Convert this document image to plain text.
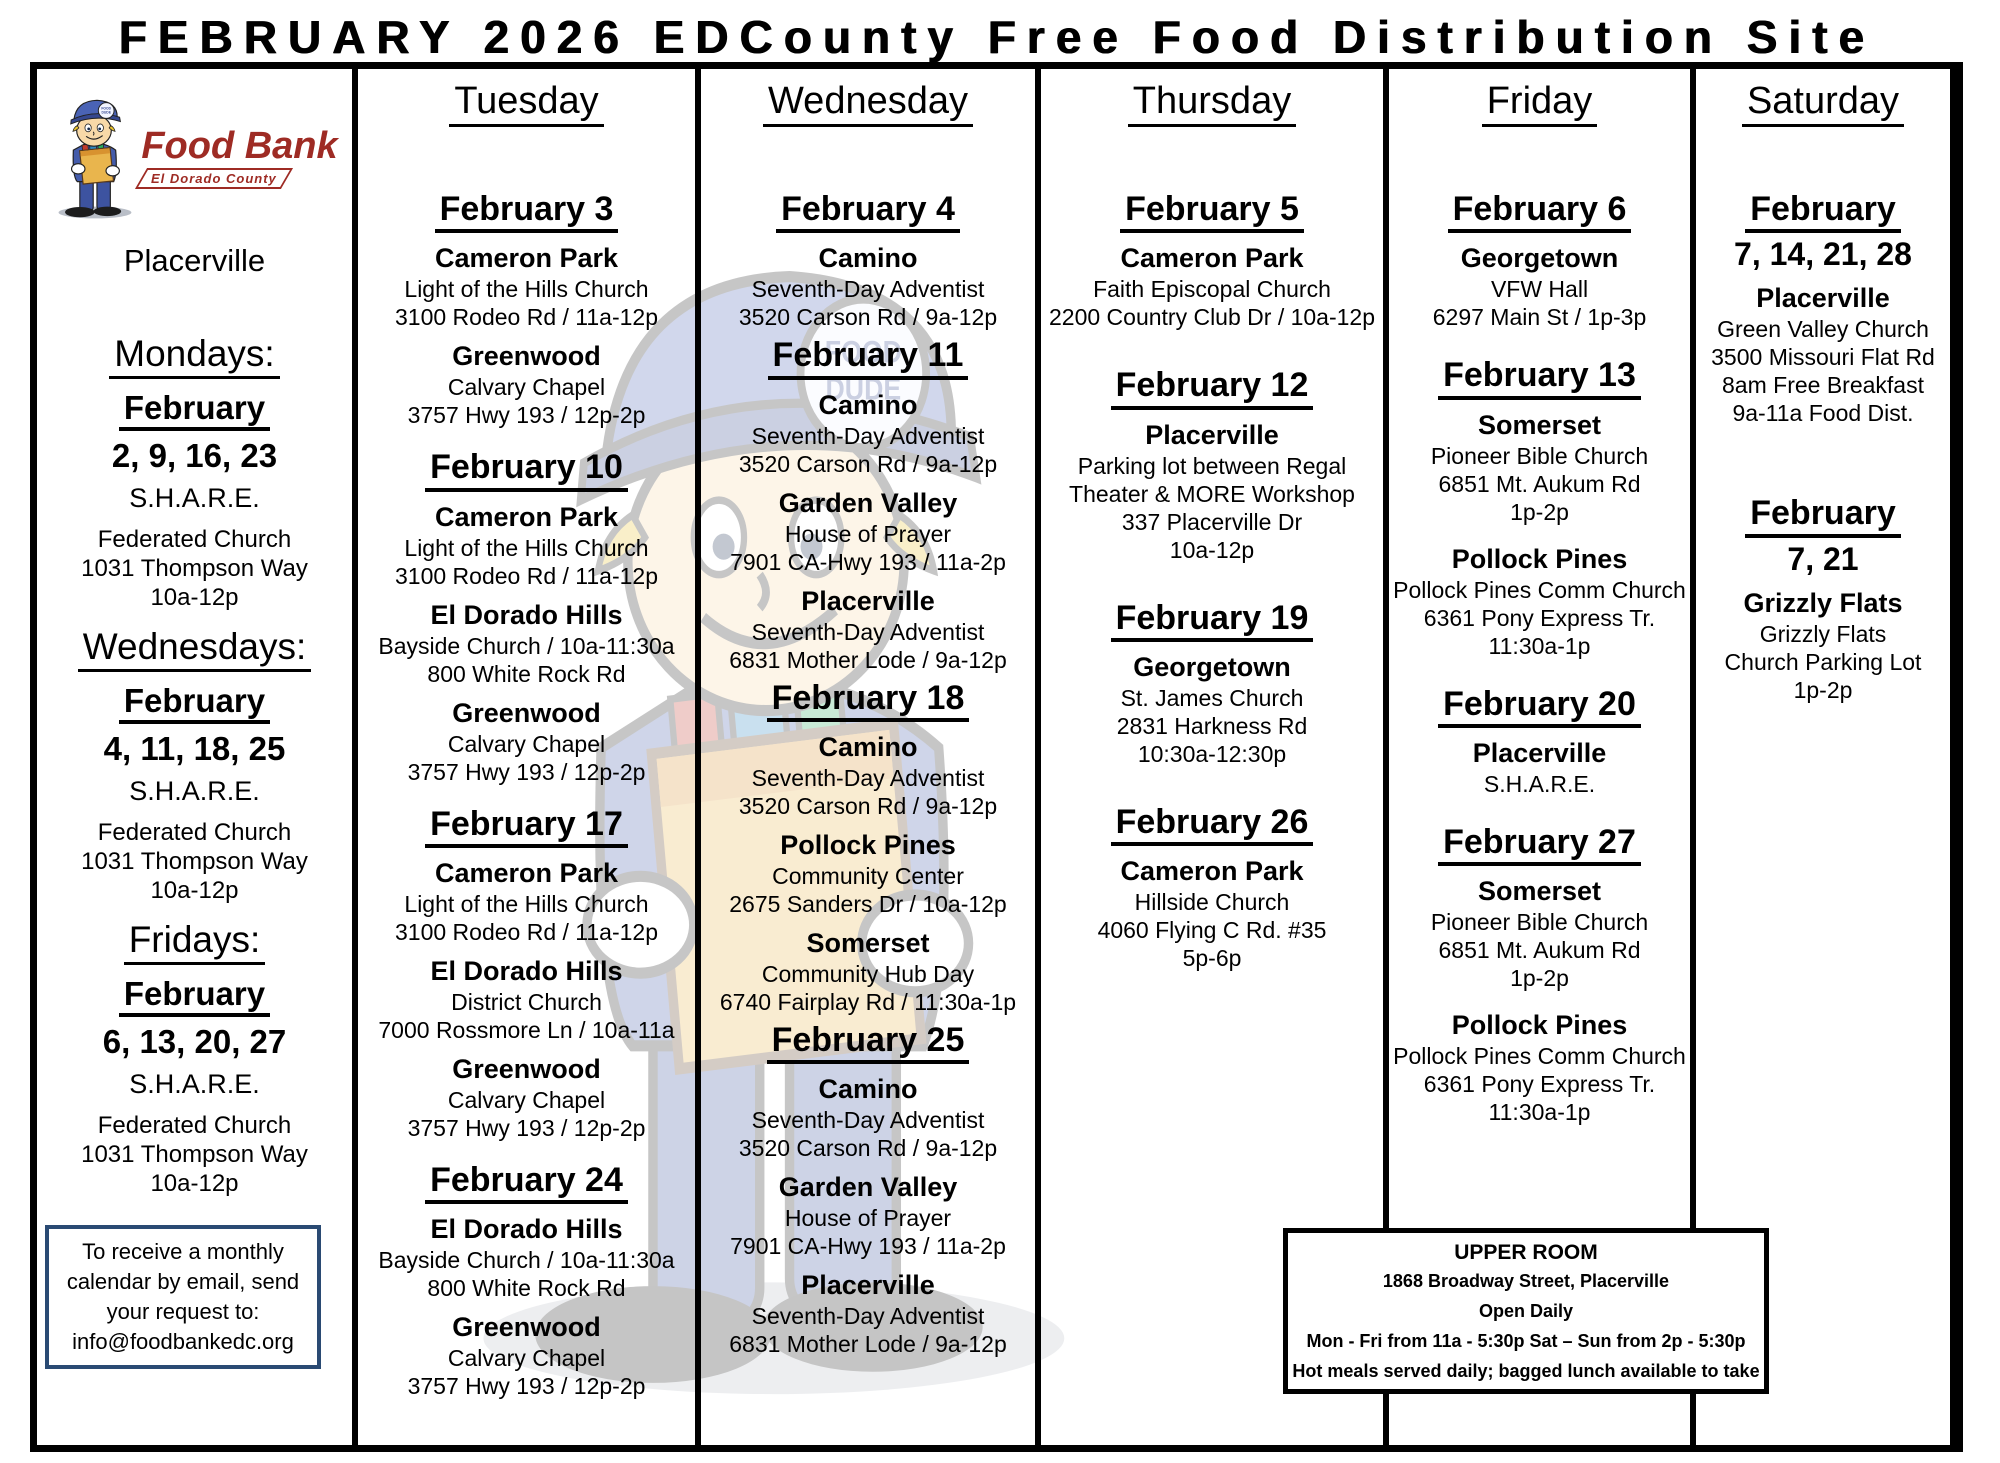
FEBRUARY 2026 EDCounty Free Food Distribution Site
Food Bank
El Dorado County
Placerville
Mondays:
February
2, 9, 16, 23
S.H.A.R.E.
Federated Church
1031 Thompson Way
10a-12p
Wednesdays:
February
4, 11, 18, 25
S.H.A.R.E.
Federated Church
1031 Thompson Way
10a-12p
Fridays:
February
6, 13, 20, 27
S.H.A.R.E.
Federated Church
1031 Thompson Way
10a-12p
To receive a monthly
calendar by email, send
your request to:
info@foodbankedc.org
Tuesday
February 3
Cameron Park
Light of the Hills Church
3100 Rodeo Rd / 11a-12p
Greenwood
Calvary Chapel
3757 Hwy 193 / 12p-2p
February 10
Cameron Park
Light of the Hills Church
3100 Rodeo Rd / 11a-12p
El Dorado Hills
Bayside Church / 10a-11:30a
800 White Rock Rd
Greenwood
Calvary Chapel
3757 Hwy 193 / 12p-2p
February 17
Cameron Park
Light of the Hills Church
3100 Rodeo Rd / 11a-12p
El Dorado Hills
District Church
7000 Rossmore Ln / 10a-11a
Greenwood
Calvary Chapel
3757 Hwy 193 / 12p-2p
February 24
El Dorado Hills
Bayside Church / 10a-11:30a
800 White Rock Rd
Greenwood
Calvary Chapel
3757 Hwy 193 / 12p-2p
Wednesday
February 4
Camino
Seventh-Day Adventist
3520 Carson Rd / 9a-12p
February 11
Camino
Seventh-Day Adventist
3520 Carson Rd / 9a-12p
Garden Valley
House of Prayer
7901 CA-Hwy 193 / 11a-2p
Placerville
Seventh-Day Adventist
6831 Mother Lode / 9a-12p
February 18
Camino
Seventh-Day Adventist
3520 Carson Rd / 9a-12p
Pollock Pines
Community Center
2675 Sanders Dr / 10a-12p
Somerset
Community Hub Day
6740 Fairplay Rd / 11:30a-1p
February 25
Camino
Seventh-Day Adventist
3520 Carson Rd / 9a-12p
Garden Valley
House of Prayer
7901 CA-Hwy 193 / 11a-2p
Placerville
Seventh-Day Adventist
6831 Mother Lode / 9a-12p
Thursday
February 5
Cameron Park
Faith Episcopal Church
2200 Country Club Dr / 10a-12p
February 12
Placerville
Parking lot between Regal
Theater & MORE Workshop
337 Placerville Dr
10a-12p
February 19
Georgetown
St. James Church
2831 Harkness Rd
10:30a-12:30p
February 26
Cameron Park
Hillside Church
4060 Flying C Rd. #35
5p-6p
Friday
February 6
Georgetown
VFW Hall
6297 Main St / 1p-3p
February 13
Somerset
Pioneer Bible Church
6851 Mt. Aukum Rd
1p-2p
Pollock Pines
Pollock Pines Comm Church
6361 Pony Express Tr.
11:30a-1p
February 20
Placerville
S.H.A.R.E.
February 27
Somerset
Pioneer Bible Church
6851 Mt. Aukum Rd
1p-2p
Pollock Pines
Pollock Pines Comm Church
6361 Pony Express Tr.
11:30a-1p
Saturday
February
7, 14, 21, 28
Placerville
Green Valley Church
3500 Missouri Flat Rd
8am Free Breakfast
9a-11a Food Dist.
February
7, 21
Grizzly Flats
Grizzly Flats
Church Parking Lot
1p-2p
UPPER ROOM
1868 Broadway Street, Placerville
Open Daily
Mon - Fri from 11a - 5:30p Sat – Sun from 2p - 5:30p
Hot meals served daily; bagged lunch available to take
